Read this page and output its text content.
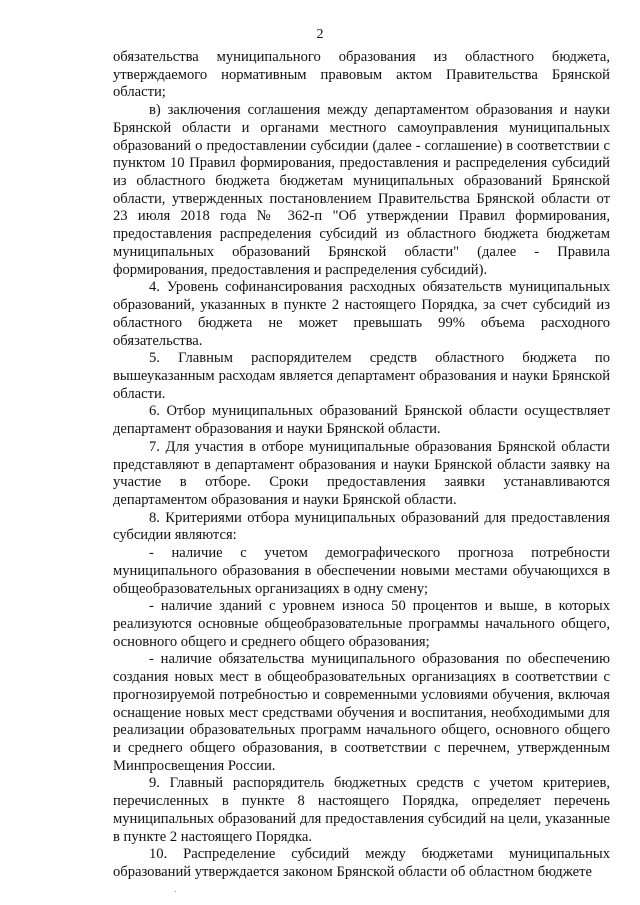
2

обязательства муниципального образования из областного бюджета, утверждаемого нормативным правовым актом Правительства Брянской области;

в) заключения соглашения между департаментом образования и науки Брянской области и органами местного самоуправления муниципальных образований о предоставлении субсидии (далее - соглашение) в соответствии с пунктом 10 Правил формирования, предоставления и распределения субсидий из областного бюджета бюджетам муниципальных образований Брянской области, утвержденных постановлением Правительства Брянской области от 23 июля 2018 года № 362-п "Об утверждении Правил формирования, предоставления распределения субсидий из областного бюджета бюджетам муниципальных образований Брянской области" (далее - Правила формирования, предоставления и распределения субсидий).

4. Уровень софинансирования расходных обязательств муниципальных образований, указанных в пункте 2 настоящего Порядка, за счет субсидий из областного бюджета не может превышать 99% объема расходного обязательства.

5. Главным распорядителем средств областного бюджета по вышеуказанным расходам является департамент образования и науки Брянской области.

6. Отбор муниципальных образований Брянской области осуществляет департамент образования и науки Брянской области.

7. Для участия в отборе муниципальные образования Брянской области представляют в департамент образования и науки Брянской области заявку на участие в отборе. Сроки предоставления заявки устанавливаются департаментом образования и науки Брянской области.

8. Критериями отбора муниципальных образований для предоставления субсидии являются:

- наличие с учетом демографического прогноза потребности муниципального образования в обеспечении новыми местами обучающихся в общеобразовательных организациях в одну смену;

- наличие зданий с уровнем износа 50 процентов и выше, в которых реализуются основные общеобразовательные программы начального общего, основного общего и среднего общего образования;

- наличие обязательства муниципального образования по обеспечению создания новых мест в общеобразовательных организациях в соответствии с прогнозируемой потребностью и современными условиями обучения, включая оснащение новых мест средствами обучения и воспитания, необходимыми для реализации образовательных программ начального общего, основного общего и среднего общего образования, в соответствии с перечнем, утвержденным Минпросвещения России.

9. Главный распорядитель бюджетных средств с учетом критериев, перечисленных в пункте 8 настоящего Порядка, определяет перечень муниципальных образований для предоставления субсидий на цели, указанные в пункте 2 настоящего Порядка.

10. Распределение субсидий между бюджетами муниципальных образований утверждается законом Брянской области об областном бюджете
